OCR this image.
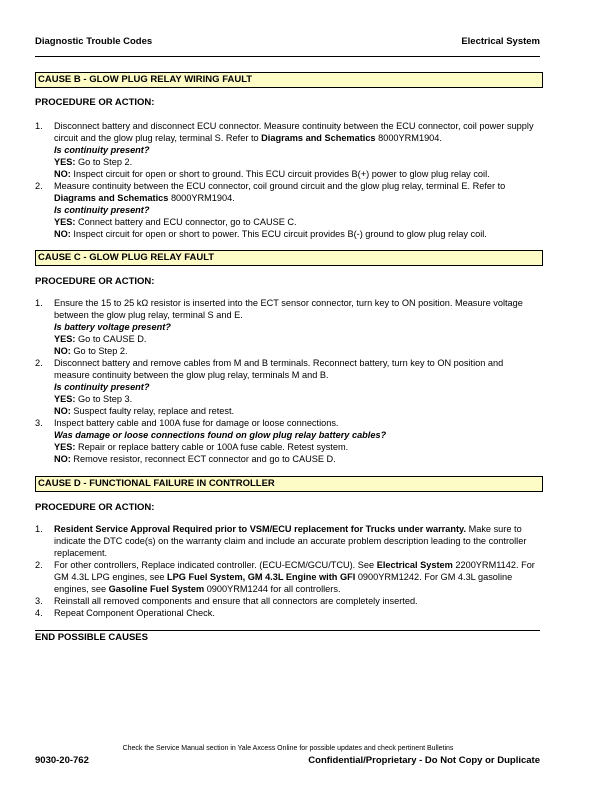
Diagnostic Trouble Codes	Electrical System
CAUSE B - GLOW PLUG RELAY WIRING FAULT
PROCEDURE OR ACTION:
1. Disconnect battery and disconnect ECU connector. Measure continuity between the ECU connector, coil power supply circuit and the glow plug relay, terminal S. Refer to Diagrams and Schematics 8000YRM1904.
Is continuity present?
YES: Go to Step 2.
NO: Inspect circuit for open or short to ground. This ECU circuit provides B(+) power to glow plug relay coil.
2. Measure continuity between the ECU connector, coil ground circuit and the glow plug relay, terminal E. Refer to Diagrams and Schematics 8000YRM1904.
Is continuity present?
YES: Connect battery and ECU connector, go to CAUSE C.
NO: Inspect circuit for open or short to power. This ECU circuit provides B(-) ground to glow plug relay coil.
CAUSE C - GLOW PLUG RELAY FAULT
PROCEDURE OR ACTION:
1. Ensure the 15 to 25 kΩ resistor is inserted into the ECT sensor connector, turn key to ON position. Measure voltage between the glow plug relay, terminal S and E.
Is battery voltage present?
YES: Go to CAUSE D.
NO: Go to Step 2.
2. Disconnect battery and remove cables from M and B terminals. Reconnect battery, turn key to ON position and measure continuity between the glow plug relay, terminals M and B.
Is continuity present?
YES: Go to Step 3.
NO: Suspect faulty relay, replace and retest.
3. Inspect battery cable and 100A fuse for damage or loose connections.
Was damage or loose connections found on glow plug relay battery cables?
YES: Repair or replace battery cable or 100A fuse cable. Retest system.
NO: Remove resistor, reconnect ECT connector and go to CAUSE D.
CAUSE D - FUNCTIONAL FAILURE IN CONTROLLER
PROCEDURE OR ACTION:
1. Resident Service Approval Required prior to VSM/ECU replacement for Trucks under warranty. Make sure to indicate the DTC code(s) on the warranty claim and include an accurate problem description leading to the controller replacement.
2. For other controllers, Replace indicated controller. (ECU-ECM/GCU/TCU). See Electrical System 2200YRM1142. For GM 4.3L LPG engines, see LPG Fuel System, GM 4.3L Engine with GFI 0900YRM1242. For GM 4.3L gasoline engines, see Gasoline Fuel System 0900YRM1244 for all controllers.
3. Reinstall all removed components and ensure that all connectors are completely inserted.
4. Repeat Component Operational Check.
END POSSIBLE CAUSES
Check the Service Manual section in Yale Axcess Online for possible updates and check pertinent Bulletins
9030-20-762	Confidential/Proprietary - Do Not Copy or Duplicate
